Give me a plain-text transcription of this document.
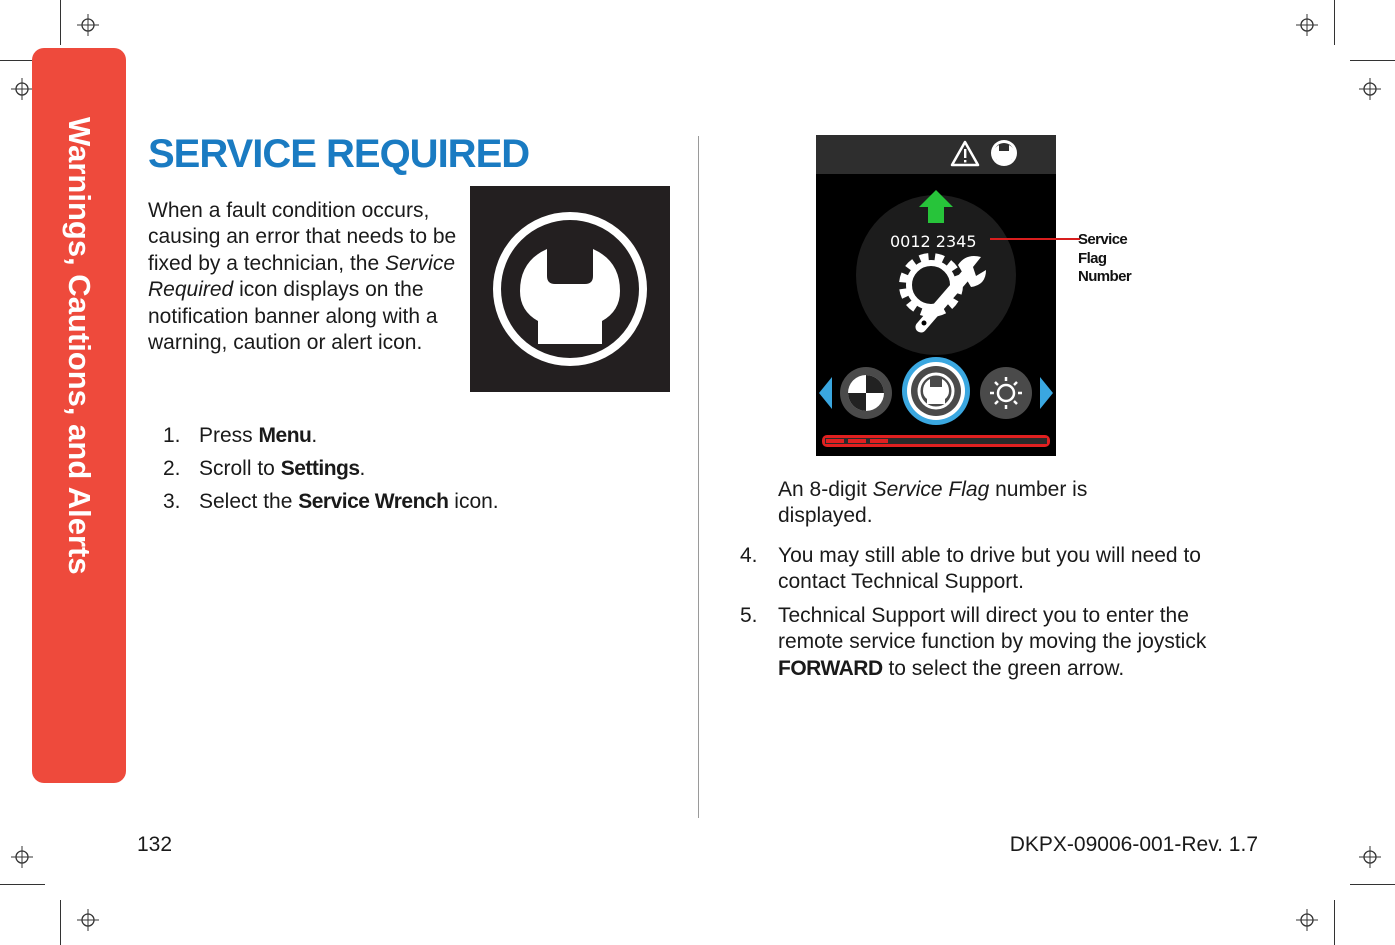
Warnings, Cautions, and Alerts SERVICE REQUIRED

When a fault condition occurs, causing an error that needs to be fixed by a technician, the Service Required icon displays on the notification banner along with a warning, caution or alert icon.

1. Press Menu.
2. Scroll to Settings.
3. Select the Service Wrench icon.
0012 2345	Service
Flag
Number

An 8-digit Service Flag number is displayed.

4. You may still able to drive but you will need to contact Technical Support.
5. Technical Support will direct you to enter the remote service function by moving the joystick FORWARD to select the green arrow.
132	DKPX-09006-001-Rev. 1.7
